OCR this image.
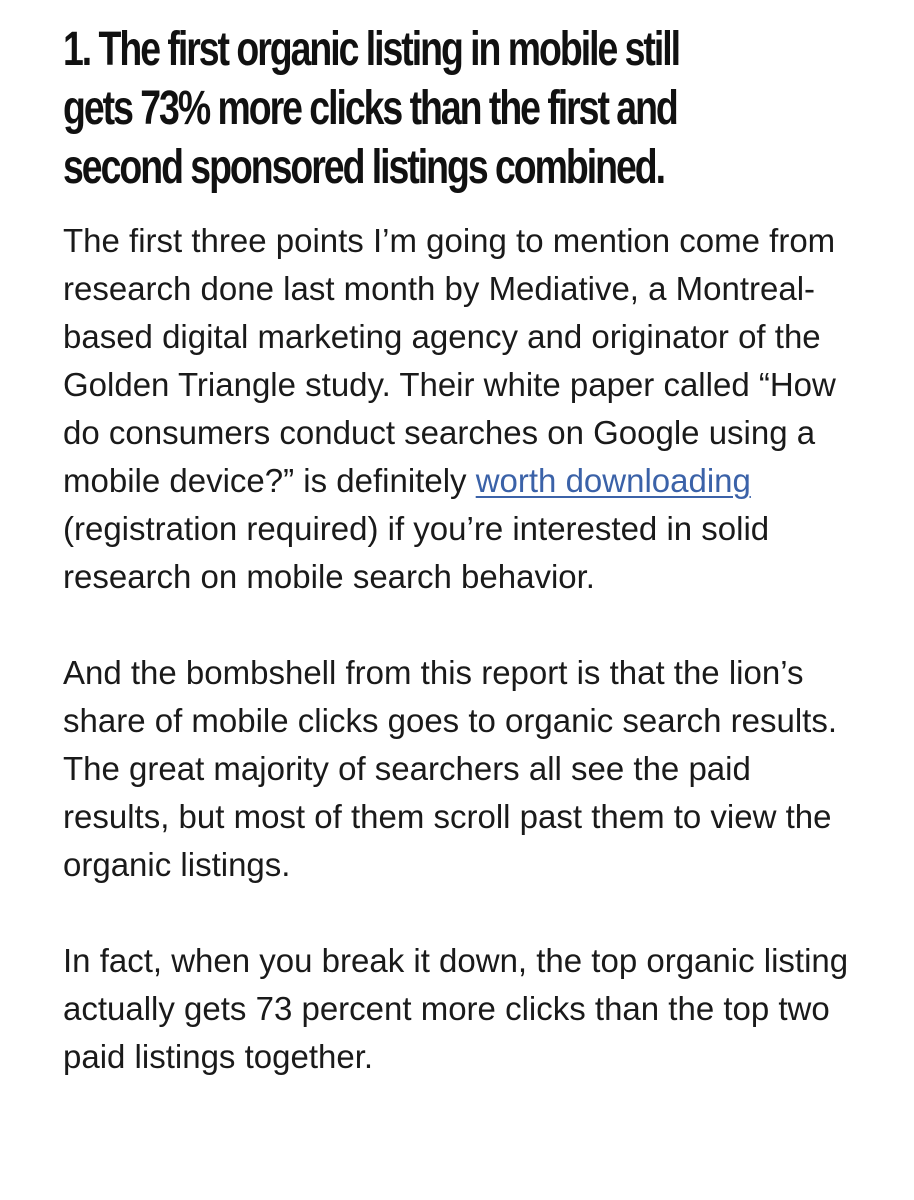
1. The first organic listing in mobile still
gets 73% more clicks than the first and
second sponsored listings combined.

The first three points I’m going to mention come from research done last month by Mediative, a Montreal-based digital marketing agency and originator of the Golden Triangle study. Their white paper called “How do consumers conduct searches on Google using a mobile device?” is definitely worth downloading (registration required) if you’re interested in solid research on mobile search behavior.

And the bombshell from this report is that the lion’s share of mobile clicks goes to organic search results. The great majority of searchers all see the paid results, but most of them scroll past them to view the organic listings.

In fact, when you break it down, the top organic listing actually gets 73 percent more clicks than the top two paid listings together.
